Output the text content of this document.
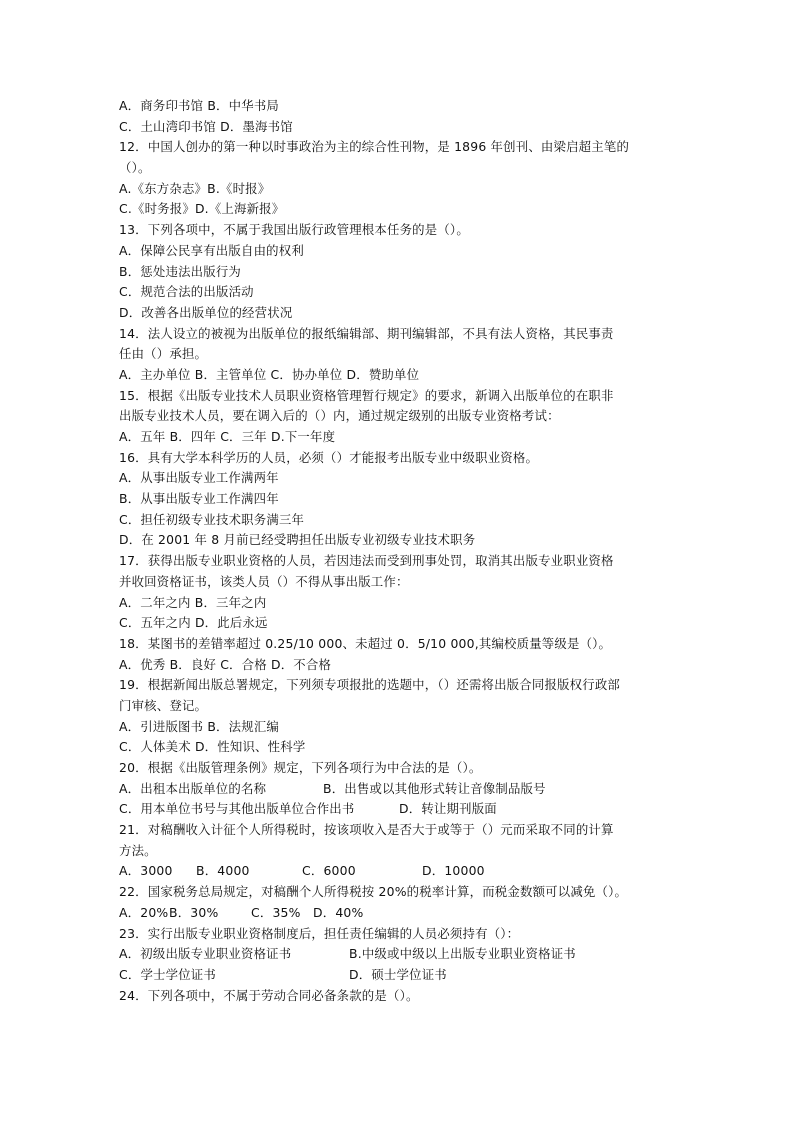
A．商务印书馆 B．中华书局
C．土山湾印书馆 D．墨海书馆
12．中国人创办的第一种以时事政治为主的综合性刊物，是 1896 年创刊、由梁启超主笔的
（）。
A.《东方杂志》B.《时报》
C.《时务报》D.《上海新报》
13．下列各项中，不属于我国出版行政管理根本任务的是（）。
A．保障公民享有出版自由的权利
B．惩处违法出版行为
C．规范合法的出版活动
D．改善各出版单位的经营状况
14．法人设立的被视为出版单位的报纸编辑部、期刊编辑部，不具有法人资格，其民事责
任由（）承担。
A．主办单位 B．主管单位 C．协办单位 D．赞助单位
15．根据《出版专业技术人员职业资格管理暂行规定》的要求，新调入出版单位的在职非
出版专业技术人员，要在调入后的（）内，通过规定级别的出版专业资格考试：
A．五年 B．四年 C．三年 D.下一年度
16．具有大学本科学历的人员，必须（）才能报考出版专业中级职业资格。
A．从事出版专业工作满两年
B．从事出版专业工作满四年
C．担任初级专业技术职务满三年
D．在 2001 年 8 月前已经受聘担任出版专业初级专业技术职务
17．获得出版专业职业资格的人员，若因违法而受到刑事处罚，取消其出版专业职业资格
并收回资格证书，该类人员（）不得从事出版工作：
A．二年之内 B．三年之内
C．五年之内 D．此后永远
18．某图书的差错率超过 0.25/10 000、未超过 0．5/10 000,其编校质量等级是（）。
A．优秀 B．良好 C．合格 D．不合格
19．根据新闻出版总署规定，下列须专项报批的选题中，（）还需将出版合同报版权行政部
门审核、登记。
A．引进版图书 B．法规汇编
C．人体美术 D．性知识、性科学
20．根据《出版管理条例》规定，下列各项行为中合法的是（）。
A．出租本出版单位的名称	B．出售或以其他形式转让音像制品版号
C．用本单位书号与其他出版单位合作出书	D．转让期刊版面
21．对稿酬收入计征个人所得税时，按该项收入是否大于或等于（）元而采取不同的计算
方法。
A．3000 B．4000	C．6000	D．10000
22．国家税务总局规定，对稿酬个人所得税按 20%的税率计算，而税金数额可以减免（）。
A．20%B．30%	C．35% D．40%
23．实行出版专业职业资格制度后，担任责任编辑的人员必须持有（）：
A．初级出版专业职业资格证书	B.中级或中级以上出版专业职业资格证书
C．学士学位证书	D．硕士学位证书
24．下列各项中，不属于劳动合同必备条款的是（）。
